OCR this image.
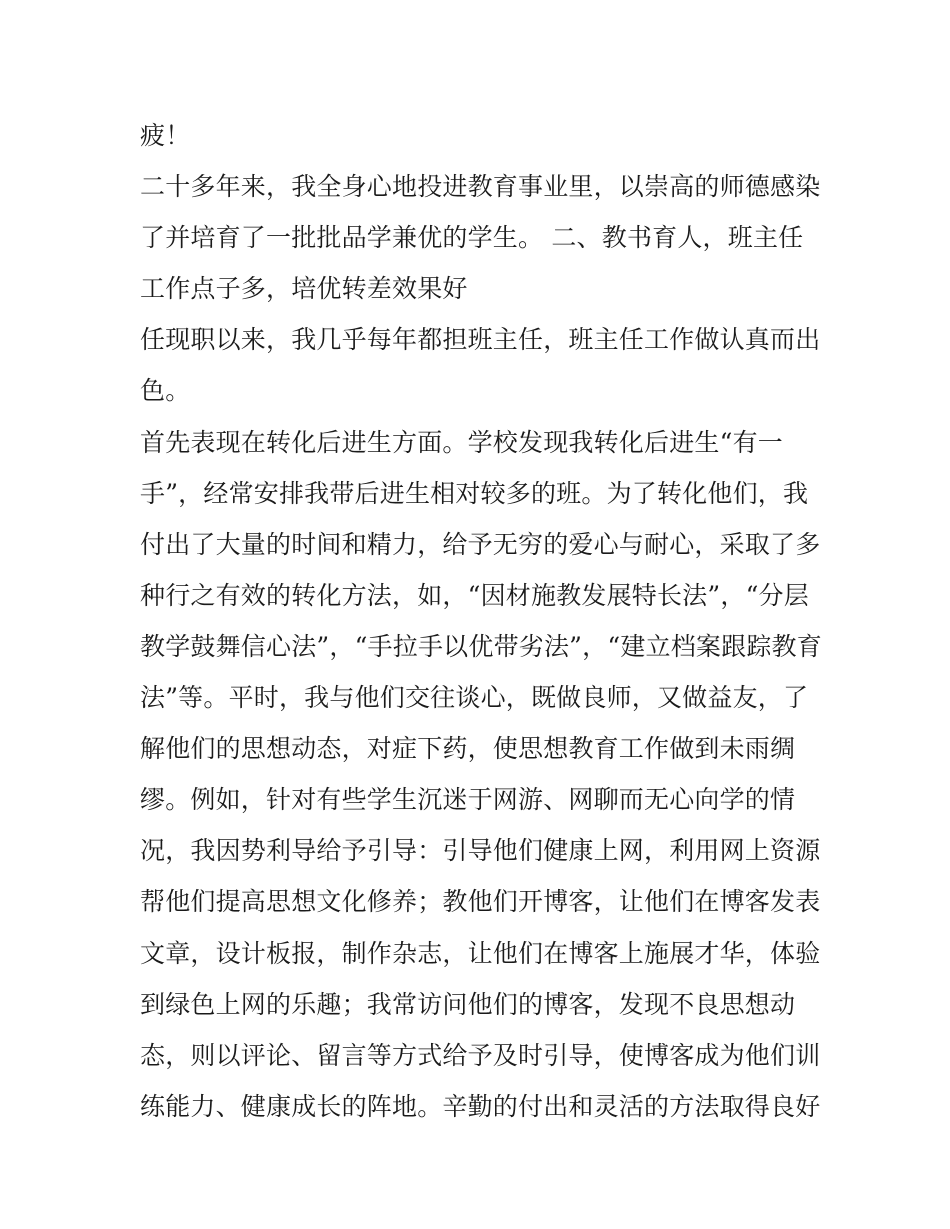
疲！
二十多年来，我全身心地投进教育事业里，以崇高的师德感染
了并培育了一批批品学兼优的学生。 二、教书育人，班主任
工作点子多，培优转差效果好
任现职以来，我几乎每年都担班主任，班主任工作做认真而出
色。
首先表现在转化后进生方面。学校发现我转化后进生“有一
手”，经常安排我带后进生相对较多的班。为了转化他们，我
付出了大量的时间和精力，给予无穷的爱心与耐心，采取了多
种行之有效的转化方法，如，“因材施教发展特长法”，“分层
教学鼓舞信心法”，“手拉手以优带劣法”，“建立档案跟踪教育
法”等。平时，我与他们交往谈心，既做良师，又做益友，了
解他们的思想动态，对症下药，使思想教育工作做到未雨绸
缪。例如，针对有些学生沉迷于网游、网聊而无心向学的情
况，我因势利导给予引导：引导他们健康上网，利用网上资源
帮他们提高思想文化修养；教他们开博客，让他们在博客发表
文章，设计板报，制作杂志，让他们在博客上施展才华，体验
到绿色上网的乐趣；我常访问他们的博客，发现不良思想动
态，则以评论、留言等方式给予及时引导，使博客成为他们训
练能力、健康成长的阵地。辛勤的付出和灵活的方法取得良好
